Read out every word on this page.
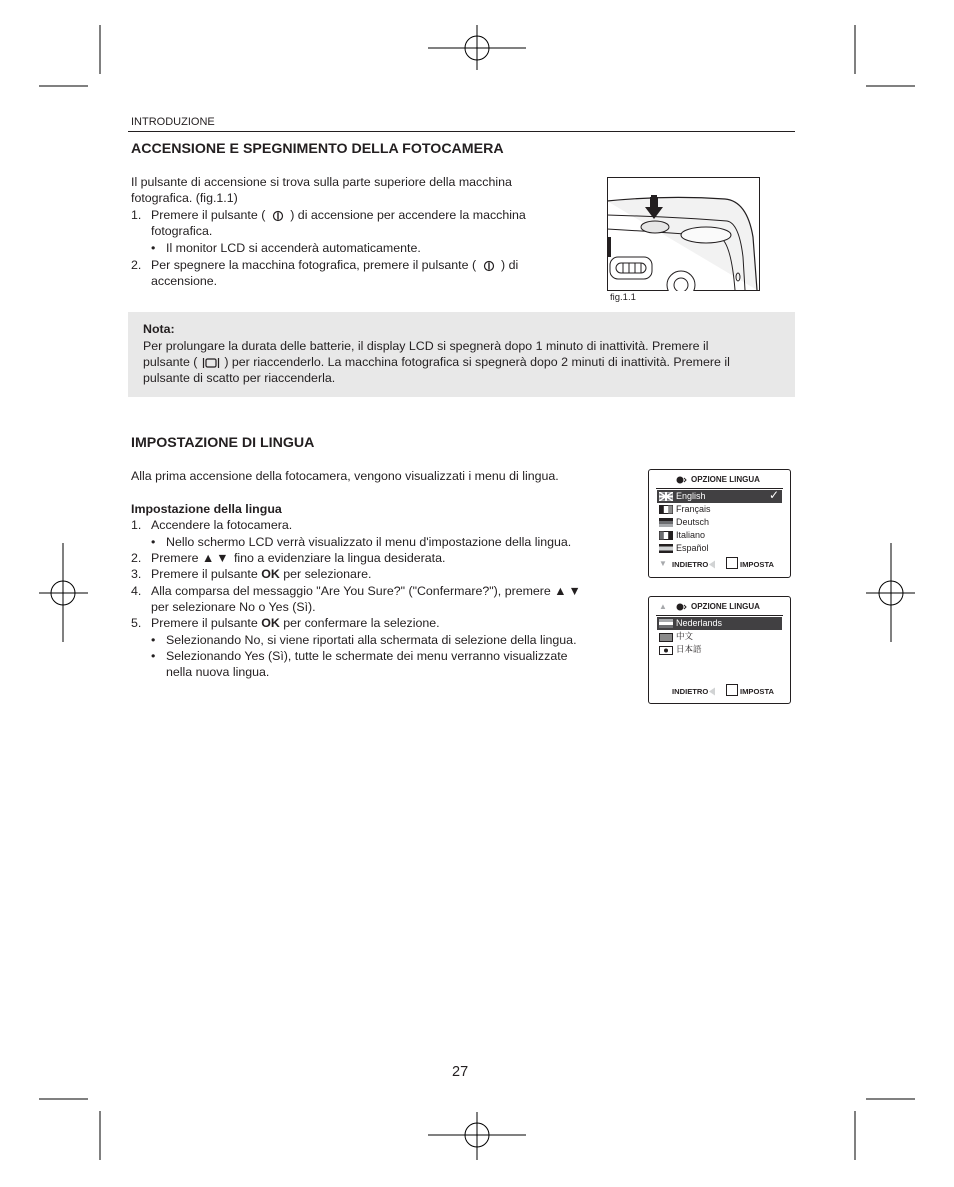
INTRODUZIONE
ACCENSIONE E SPEGNIMENTO DELLA FOTOCAMERA
Il pulsante di accensione si trova sulla parte superiore della macchina
fotografica. (fig.1.1)
1. Premere il pulsante ( ) di accensione per accendere la macchina
fotografica.
• Il monitor LCD si accenderà automaticamente.
2. Per spegnere la macchina fotografica, premere il pulsante ( ) di
accensione.
fig.1.1
Nota:
Per prolungare la durata delle batterie, il display LCD si spegnerà dopo 1 minuto di inattività. Premere il
pulsante ( ) per riaccenderlo. La macchina fotografica si spegnerà dopo 2 minuti di inattività. Premere il
pulsante di scatto per riaccenderla.
IMPOSTAZIONE DI LINGUA
Alla prima accensione della fotocamera, vengono visualizzati i menu di lingua.
Impostazione della lingua
1. Accendere la fotocamera.
• Nello schermo LCD verrà visualizzato il menu d'impostazione della lingua.
2. Premere ▲▼ fino a evidenziare la lingua desiderata.
3. Premere il pulsante OK per selezionare.
4. Alla comparsa del messaggio "Are You Sure?" ("Confermare?"), premere ▲▼
per selezionare No o Yes (Sì).
5. Premere il pulsante OK per confermare la selezione.
• Selezionando No, si viene riportati alla schermata di selezione della lingua.
• Selezionando Yes (Sì), tutte le schermate dei menu verranno visualizzate
nella nuova lingua.
OPZIONE LINGUA
English	✓
Français
Deutsch
Italiano
Español
▼ INDIETRO	IMPOSTA
▲	OPZIONE LINGUA
Nederlands
中文
日本語
INDIETRO	IMPOSTA
27
